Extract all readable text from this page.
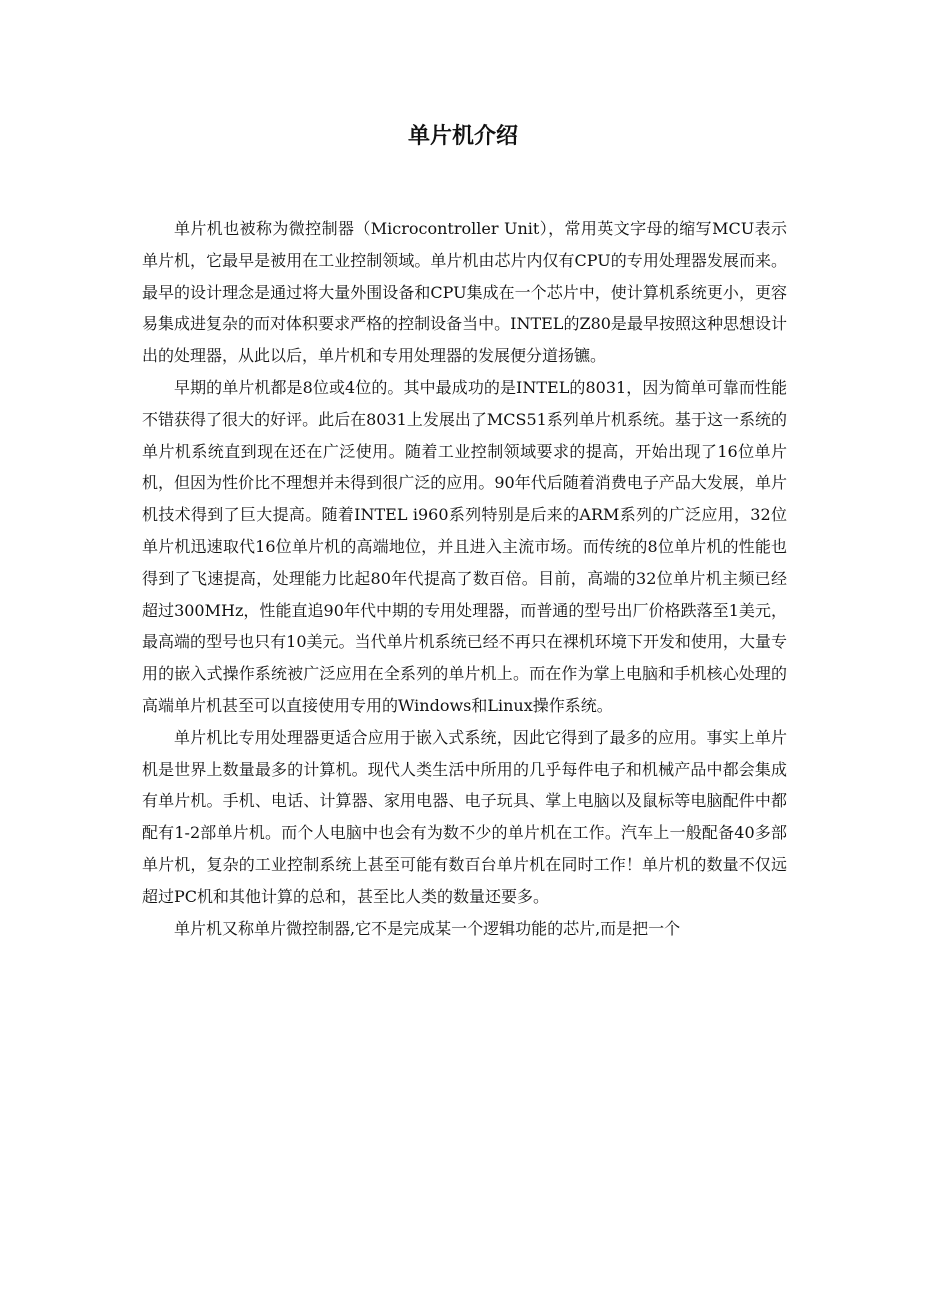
单片机介绍

单片机也被称为微控制器（Microcontroller Unit），常用英文字母的缩写MCU表示单片机，它最早是被用在工业控制领域。单片机由芯片内仅有CPU的专用处理器发展而来。最早的设计理念是通过将大量外围设备和CPU集成在一个芯片中，使计算机系统更小，更容易集成进复杂的而对体积要求严格的控制设备当中。INTEL的Z80是最早按照这种思想设计出的处理器，从此以后，单片机和专用处理器的发展便分道扬镳。

早期的单片机都是8位或4位的。其中最成功的是INTEL的8031，因为简单可靠而性能不错获得了很大的好评。此后在8031上发展出了MCS51系列单片机系统。基于这一系统的单片机系统直到现在还在广泛使用。随着工业控制领域要求的提高，开始出现了16位单片机，但因为性价比不理想并未得到很广泛的应用。90年代后随着消费电子产品大发展，单片机技术得到了巨大提高。随着INTEL i960系列特别是后来的ARM系列的广泛应用，32位单片机迅速取代16位单片机的高端地位，并且进入主流市场。而传统的8位单片机的性能也得到了飞速提高，处理能力比起80年代提高了数百倍。目前，高端的32位单片机主频已经超过300MHz，性能直追90年代中期的专用处理器，而普通的型号出厂价格跌落至1美元，最高端的型号也只有10美元。当代单片机系统已经不再只在裸机环境下开发和使用，大量专用的嵌入式操作系统被广泛应用在全系列的单片机上。而在作为掌上电脑和手机核心处理的高端单片机甚至可以直接使用专用的Windows和Linux操作系统。

单片机比专用处理器更适合应用于嵌入式系统，因此它得到了最多的应用。事实上单片机是世界上数量最多的计算机。现代人类生活中所用的几乎每件电子和机械产品中都会集成有单片机。手机、电话、计算器、家用电器、电子玩具、掌上电脑以及鼠标等电脑配件中都配有1-2部单片机。而个人电脑中也会有为数不少的单片机在工作。汽车上一般配备40多部单片机，复杂的工业控制系统上甚至可能有数百台单片机在同时工作！单片机的数量不仅远超过PC机和其他计算的总和，甚至比人类的数量还要多。

单片机又称单片微控制器,它不是完成某一个逻辑功能的芯片,而是把一个
